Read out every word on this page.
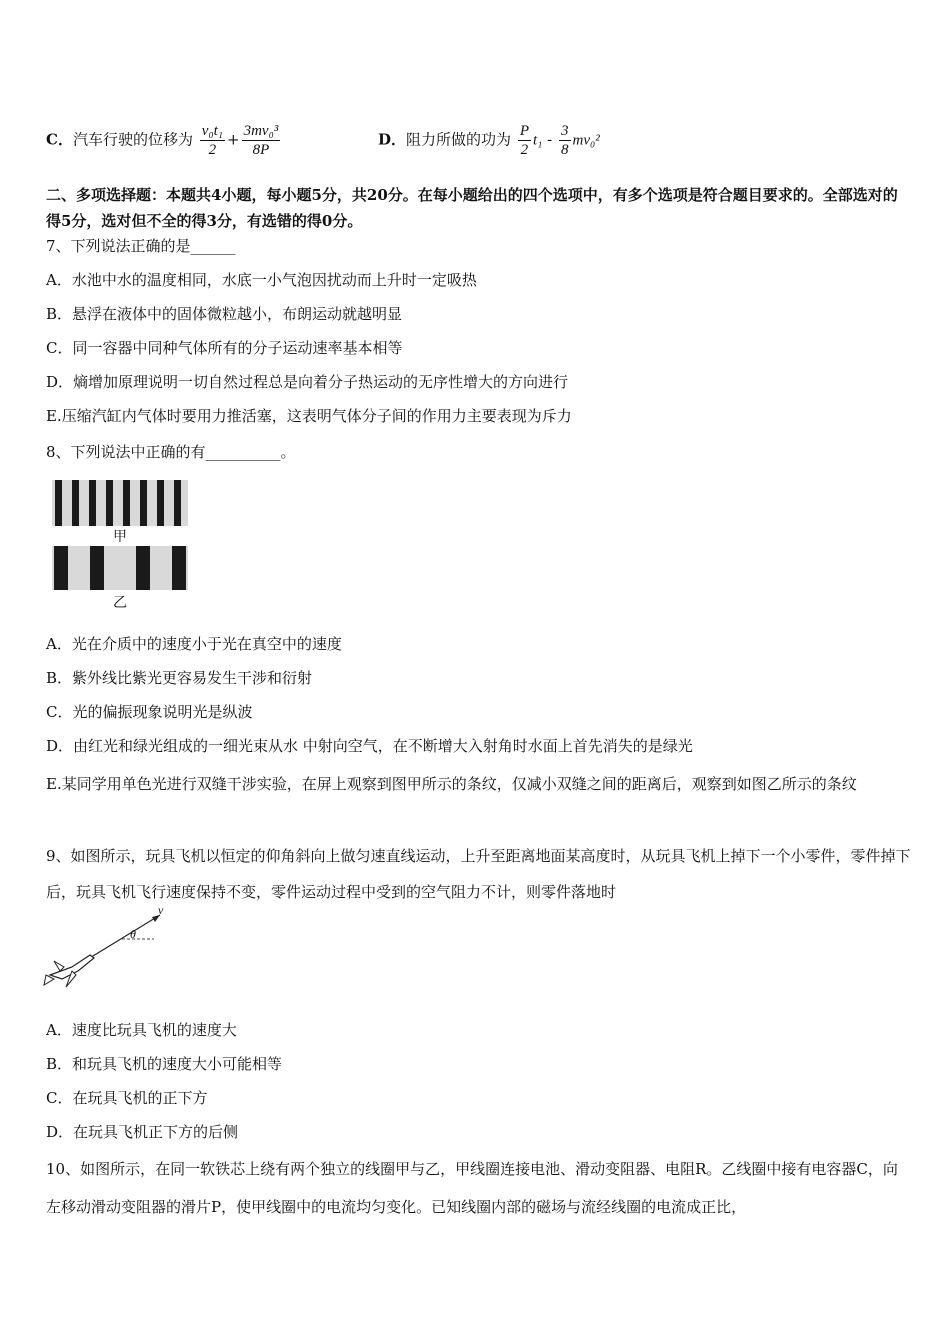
C．汽车行驶的位移为 $\frac{\text{v₀t₁}}{2} + \frac{\text{3mv₀³}}{8P}$	D．阻力所做的功为 $\frac{P}{2} t_1 - \frac{3}{8} mv_0^2$
二、多项选择题：本题共4小题，每小题5分，共20分。在每小题给出的四个选项中，有多个选项是符合题目要求的。全部选对的得5分，选对但不全的得3分，有选错的得0分。
7、下列说法正确的是______
A．水池中水的温度相同，水底一小气泡因扰动而上升时一定吸热
B．悬浮在液体中的固体微粒越小，布朗运动就越明显
C．同一容器中同种气体所有的分子运动速率基本相等
D．熵增加原理说明一切自然过程总是向着分子热运动的无序性增大的方向进行
E.压缩汽缸内气体时要用力推活塞，这表明气体分子间的作用力主要表现为斥力
8、下列说法中正确的有__________。
甲
乙
A．光在介质中的速度小于光在真空中的速度
B．紫外线比紫光更容易发生干涉和衍射
C．光的偏振现象说明光是纵波
D．由红光和绿光组成的一细光束从水 中射向空气，在不断增大入射角时水面上首先消失的是绿光
E.某同学用单色光进行双缝干涉实验，在屏上观察到图甲所示的条纹，仅减小双缝之间的距离后，观察到如图乙所示的条纹
9、如图所示，玩具飞机以恒定的仰角斜向上做匀速直线运动，上升至距离地面某高度时，从玩具飞机上掉下一个小零件，零件掉下后，玩具飞机飞行速度保持不变，零件运动过程中受到的空气阻力不计，则零件落地时
v
θ
A．速度比玩具飞机的速度大
B．和玩具飞机的速度大小可能相等
C．在玩具飞机的正下方
D．在玩具飞机正下方的后侧
10、如图所示，在同一软铁芯上绕有两个独立的线圈甲与乙，甲线圈连接电池、滑动变阻器、电阻R。乙线圈中接有电容器C，向左移动滑动变阻器的滑片P，使甲线圈中的电流均匀变化。已知线圈内部的磁场与流经线圈的电流成正比，
